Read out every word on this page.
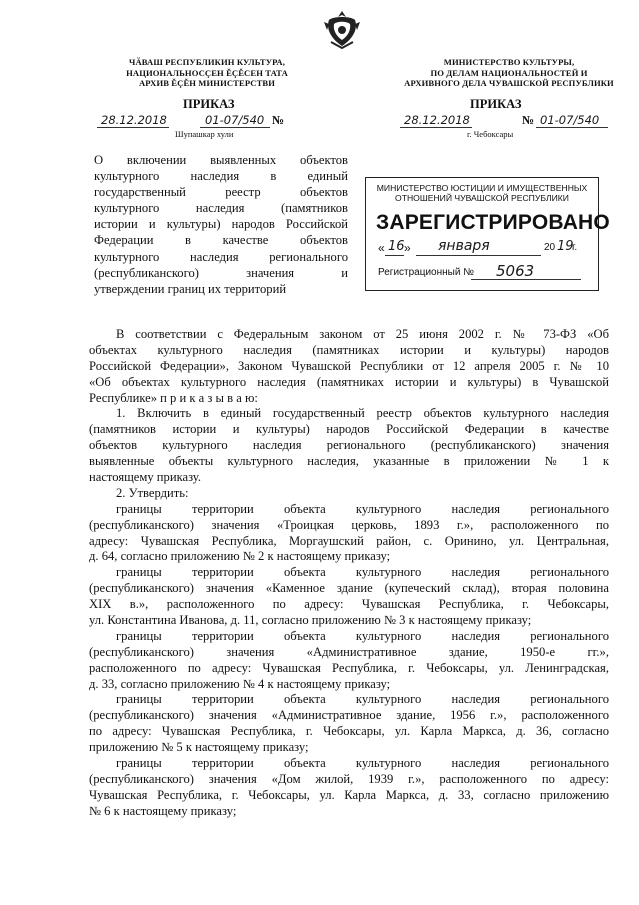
ЧӐВАШ РЕСПУБЛИКИН КУЛЬТУРА,
НАЦИОНАЛЬНОСÇЕН ĚÇĚСЕН ТАТА
АРХИВ ĚÇĚН МИНИСТЕРСТВИ
ПРИКАЗ
28.12.2018	01-07/540 №
Шупашкар хули
МИНИСТЕРСТВО КУЛЬТУРЫ,
ПО ДЕЛАМ НАЦИОНАЛЬНОСТЕЙ И
АРХИВНОГО ДЕЛА ЧУВАШСКОЙ РЕСПУБЛИКИ
ПРИКАЗ
28.12.2018	№ 01-07/540
г. Чебоксары
О включении выявленных объектов
культурного наследия в единый
государственный реестр объектов
культурного наследия (памятников
истории и культуры) народов Российской
Федерации в качестве объектов
культурного наследия регионального
(республиканского) значения и
утверждении границ их территорий
МИНИСТЕРСТВО ЮСТИЦИИ И ИМУЩЕСТВЕННЫХ
ОТНОШЕНИЙ ЧУВАШСКОЙ РЕСПУБЛИКИ
ЗАРЕГИСТРИРОВАНО
« 16 » января	20 19
г.
Регистрационный № 5063
В соответствии с Федеральным законом от 25 июня 2002 г. № 73-ФЗ «Об
объектах культурного наследия (памятниках истории и культуры) народов
Российской Федерации», Законом Чувашской Республики от 12 апреля 2005 г. № 10
«Об объектах культурного наследия (памятниках истории и культуры) в Чувашской
Республике» п р и к а з ы в а ю:
1. Включить в единый государственный реестр объектов культурного наследия
(памятников истории и культуры) народов Российской Федерации в качестве
объектов культурного наследия регионального (республиканского) значения
выявленные объекты культурного наследия, указанные в приложении № 1 к
настоящему приказу.
2. Утвердить:
границы территории объекта культурного наследия регионального
(республиканского) значения «Троицкая церковь, 1893 г.», расположенного по
адресу: Чувашская Республика, Моргаушский район, с. Оринино, ул. Центральная,
д. 64, согласно приложению № 2 к настоящему приказу;
границы территории объекта культурного наследия регионального
(республиканского) значения «Каменное здание (купеческий склад), вторая половина
XIX в.», расположенного по адресу: Чувашская Республика, г. Чебоксары,
ул. Константина Иванова, д. 11, согласно приложению № 3 к настоящему приказу;
границы территории объекта культурного наследия регионального
(республиканского) значения «Административное здание, 1950-е гг.»,
расположенного по адресу: Чувашская Республика, г. Чебоксары, ул. Ленинградская,
д. 33, согласно приложению № 4 к настоящему приказу;
границы территории объекта культурного наследия регионального
(республиканского) значения «Административное здание, 1956 г.», расположенного
по адресу: Чувашская Республика, г. Чебоксары, ул. Карла Маркса, д. 36, согласно
приложению № 5 к настоящему приказу;
границы территории объекта культурного наследия регионального
(республиканского) значения «Дом жилой, 1939 г.», расположенного по адресу:
Чувашская Республика, г. Чебоксары, ул. Карла Маркса, д. 33, согласно приложению
№ 6 к настоящему приказу;
